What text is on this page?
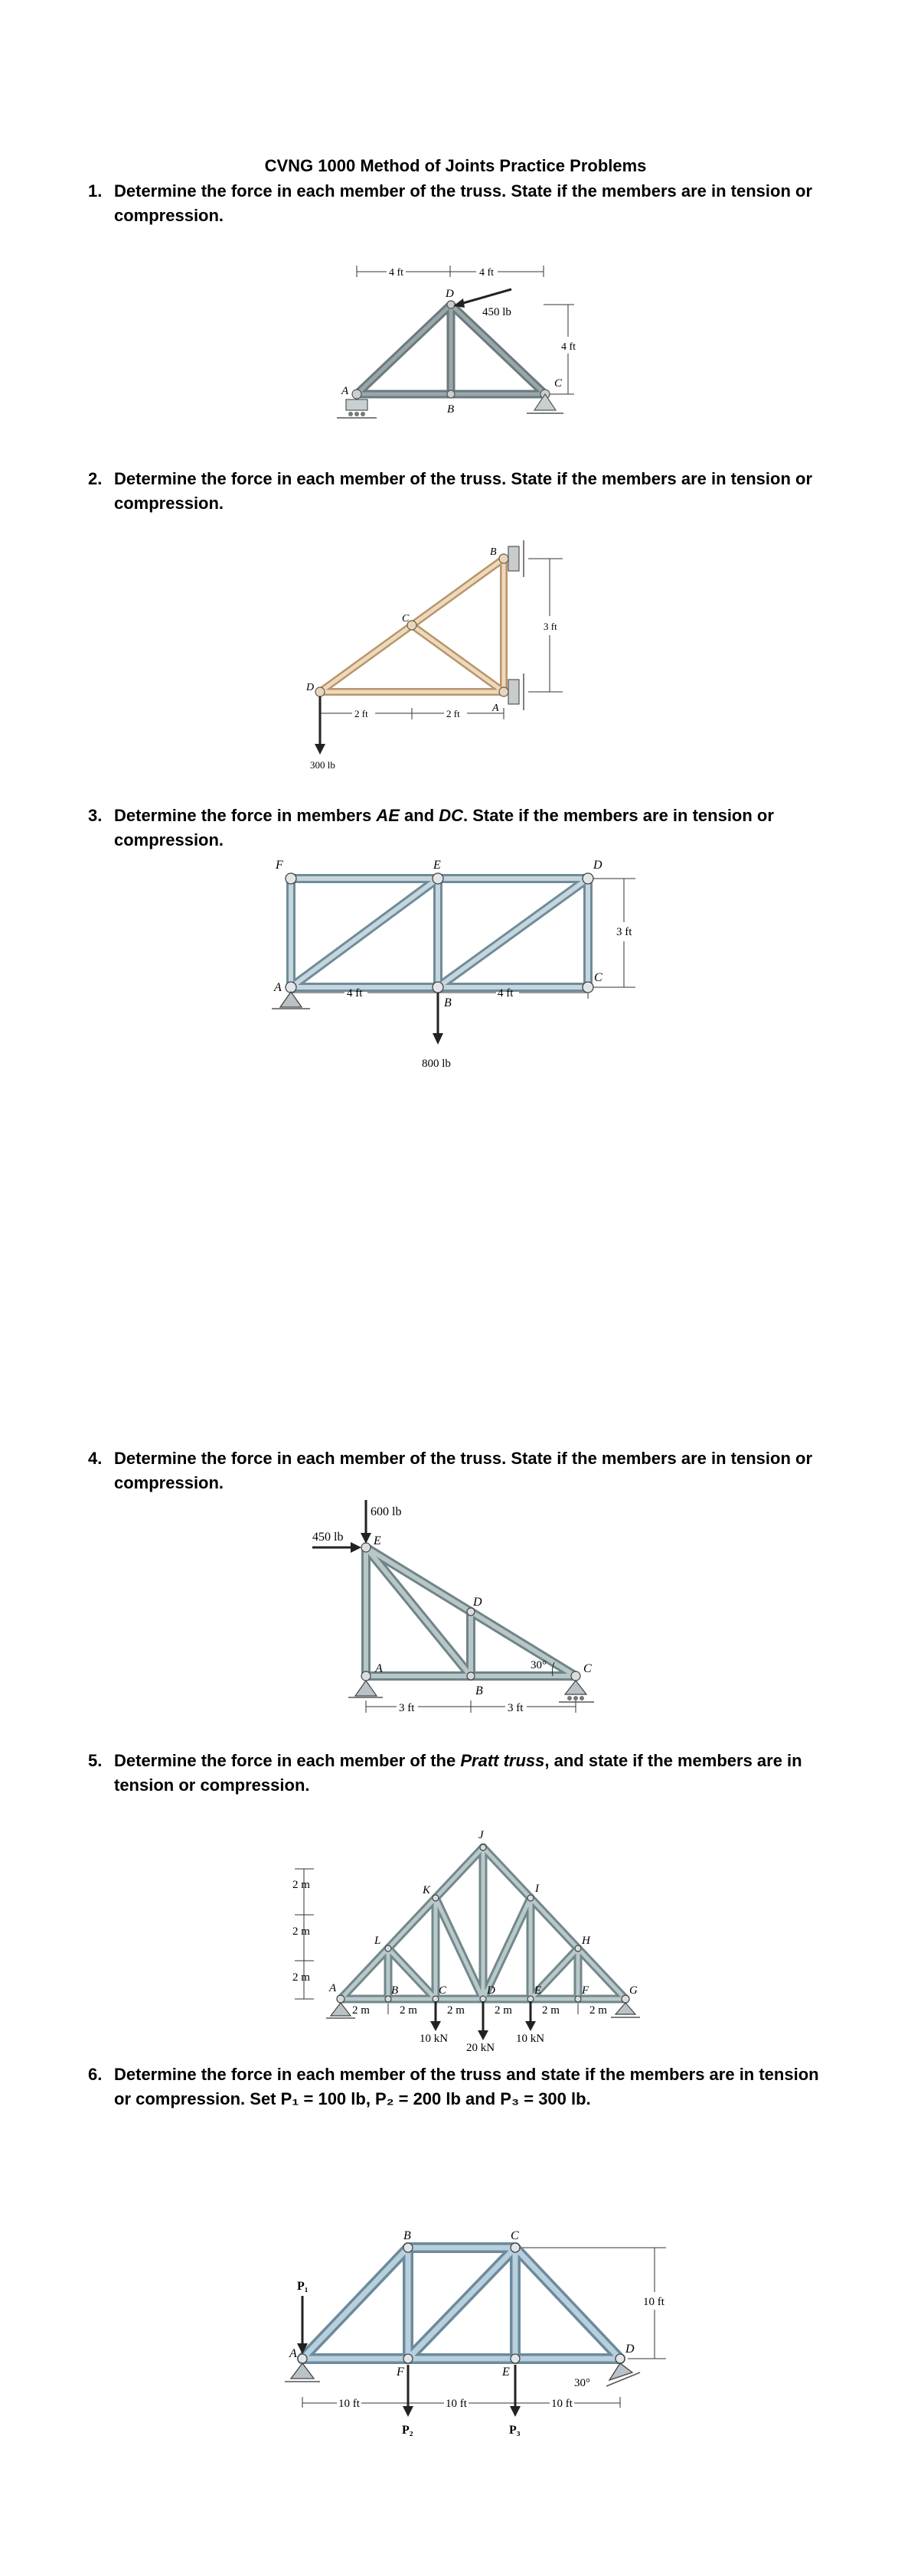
CVNG 1000 Method of Joints Practice Problems
1. Determine the force in each member of the truss. State if the members are in tension or compression.
4 ft	4 ft
4 ft
450 lb
D
A
B
C
2. Determine the force in each member of the truss. State if the members are in tension or compression.
2 ft	2 ft
3 ft
300 lb
D
C
B
A
3. Determine the force in members AE and DC. State if the members are in tension or compression.
4 ft	4 ft
3 ft
800 lb
F	E	D
A
B
C
4. Determine the force in each member of the truss. State if the members are in tension or compression.
600 lb
450 lb E
D
A
B
C
30°
3 ft	3 ft
5. Determine the force in each member of the Pratt truss, and state if the members are in tension or compression.
2 m
2 m
2 m
2 m	2 m	2 m	2 m	2 m	2 m
10 kN
20 kN
10 kN
A	B	C	D	E	F	G
H
I
J
K
L
6. Determine the force in each member of the truss and state if the members are in tension or compression. Set P₁ = 100 lb, P₂ = 200 lb and P₃ = 300 lb.
P₁
P₂	P₃
10 ft	10 ft	10 ft
10 ft
30°
A
B	C
D
E
F
